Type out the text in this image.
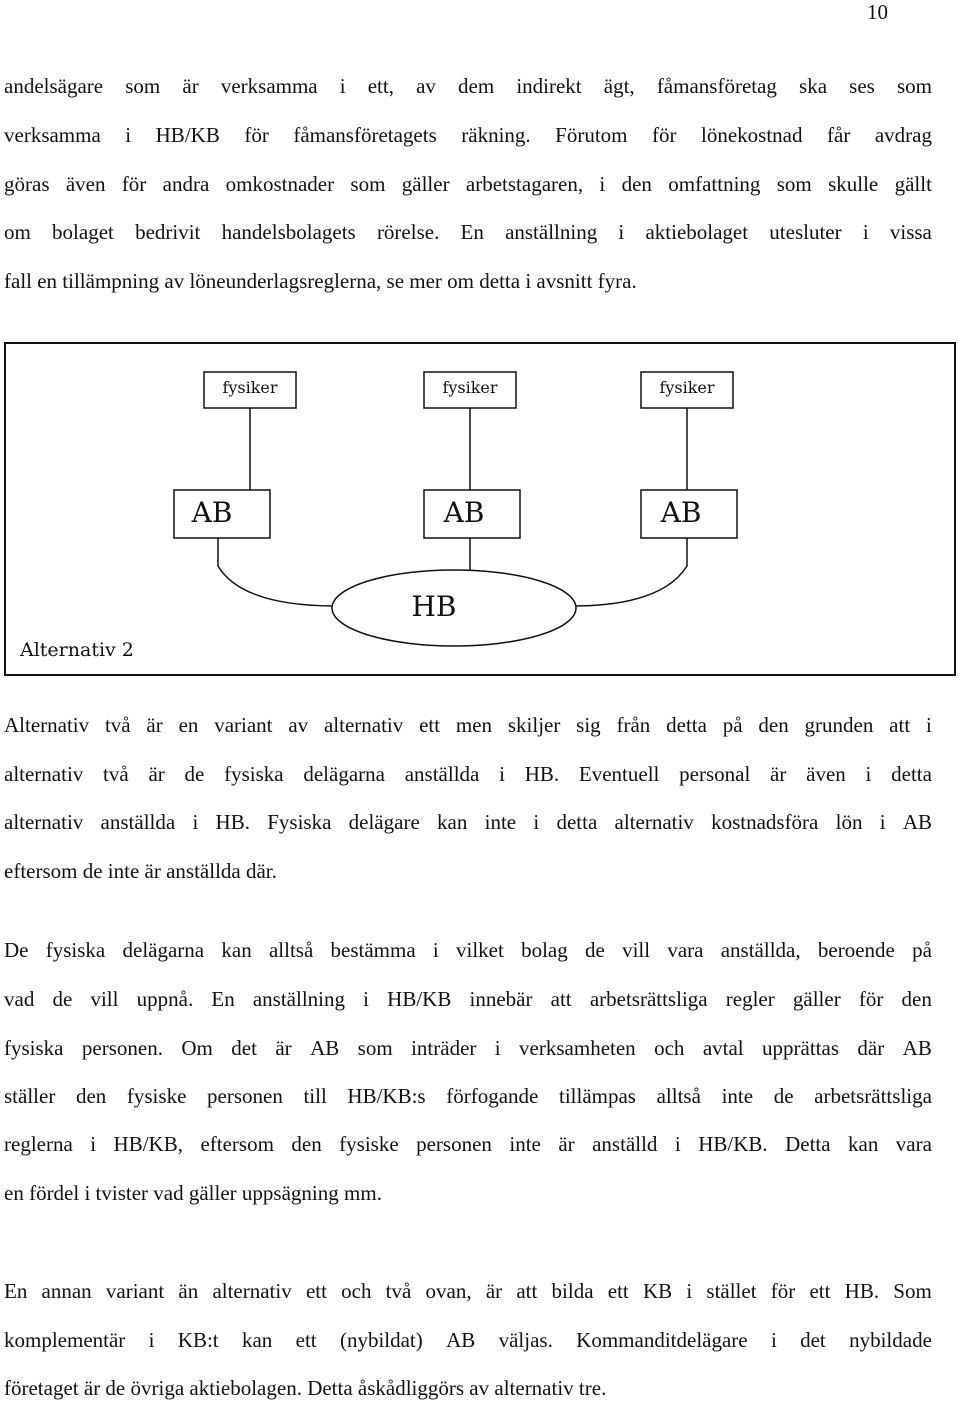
10
andelsägare som är verksamma i ett, av dem indirekt ägt, fåmansföretag ska ses som
verksamma i HB/KB för fåmansföretagets räkning. Förutom för lönekostnad får avdrag
göras även för andra omkostnader som gäller arbetstagaren, i den omfattning som skulle gällt
om bolaget bedrivit handelsbolagets rörelse. En anställning i aktiebolaget utesluter i vissa
fall en tillämpning av löneunderlagsreglerna, se mer om detta i avsnitt fyra.
fysiker	fysiker	fysiker
AB	AB	AB
HB
Alternativ 2
Alternativ två är en variant av alternativ ett men skiljer sig från detta på den grunden att i
alternativ två är de fysiska delägarna anställda i HB. Eventuell personal är även i detta
alternativ anställda i HB. Fysiska delägare kan inte i detta alternativ kostnadsföra lön i AB
eftersom de inte är anställda där.
De fysiska delägarna kan alltså bestämma i vilket bolag de vill vara anställda, beroende på
vad de vill uppnå. En anställning i HB/KB innebär att arbetsrättsliga regler gäller för den
fysiska personen. Om det är AB som inträder i verksamheten och avtal upprättas där AB
ställer den fysiske personen till HB/KB:s förfogande tillämpas alltså inte de arbetsrättsliga
reglerna i HB/KB, eftersom den fysiske personen inte är anställd i HB/KB. Detta kan vara
en fördel i tvister vad gäller uppsägning mm.
En annan variant än alternativ ett och två ovan, är att bilda ett KB i stället för ett HB. Som
komplementär i KB:t kan ett (nybildat) AB väljas. Kommanditdelägare i det nybildade
företaget är de övriga aktiebolagen. Detta åskådliggörs av alternativ tre.
